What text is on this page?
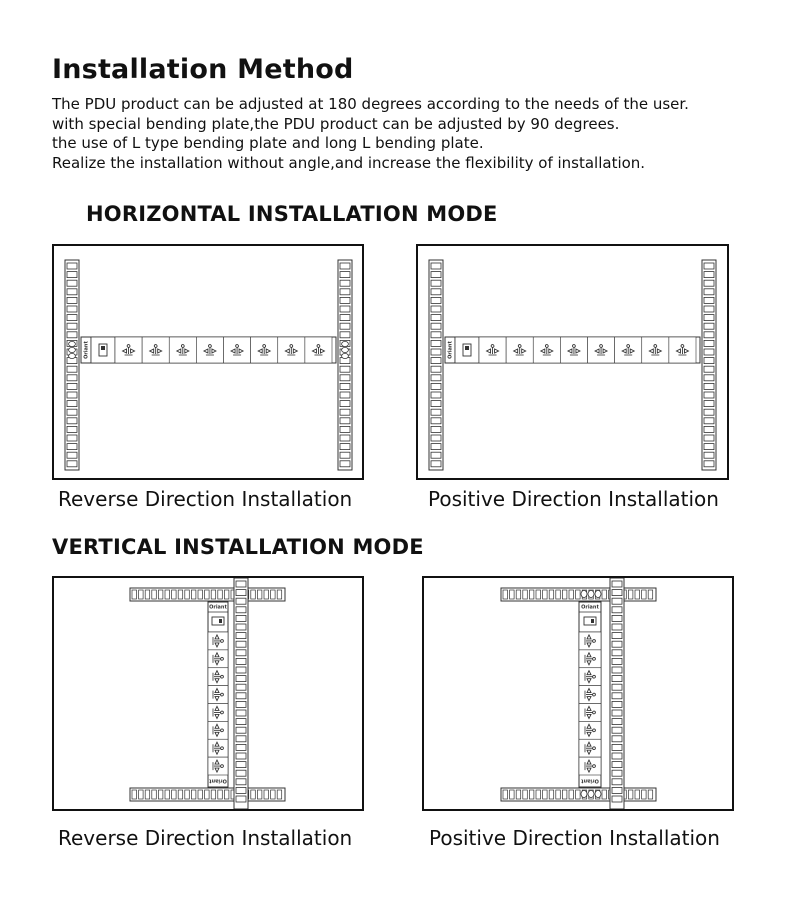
Installation Method
The PDU product can be adjusted at 180 degrees according to the needs of the user.
with special bending plate,the PDU product can be adjusted by 90 degrees.
the use of L type bending plate and long L bending plate.
Realize the installation without angle,and increase the flexibility of installation.
HORIZONTAL INSTALLATION MODE
Oriant	Oriant
Reverse Direction Installation	Positive Direction Installation
VERTICAL INSTALLATION MODE
Oriant
Oriant
Oriant
Oriant
Reverse Direction Installation	Positive Direction Installation
